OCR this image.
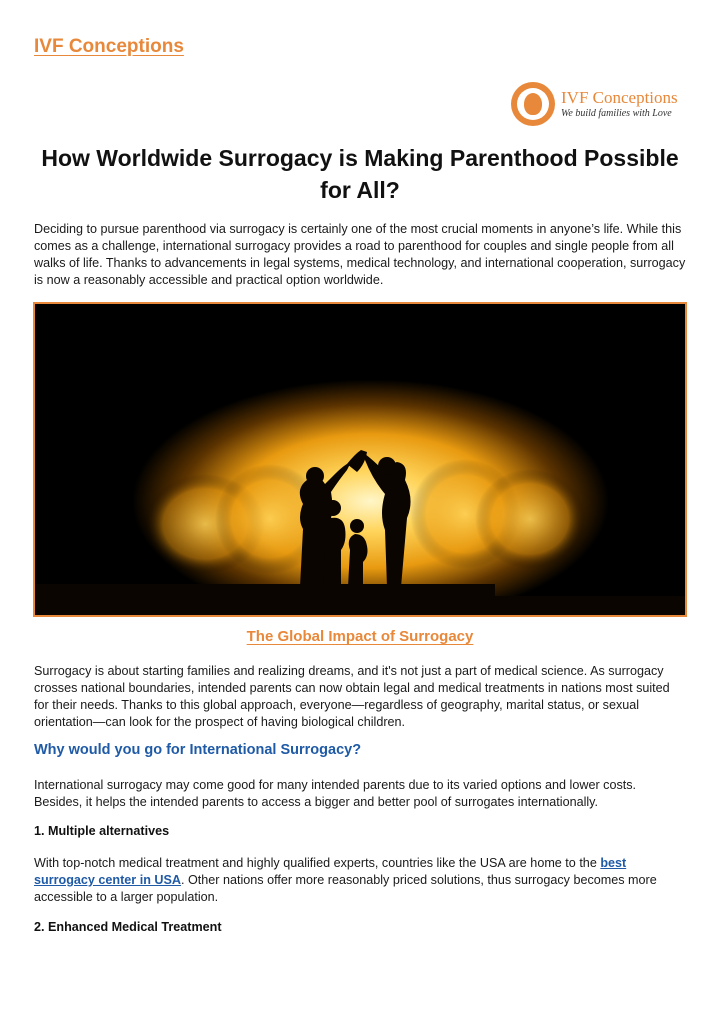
IVF Conceptions
IVF Conceptions
We build families with Love
How Worldwide Surrogacy is Making Parenthood Possible for All?

Deciding to pursue parenthood via surrogacy is certainly one of the most crucial moments in anyone’s life. While this comes as a challenge, international surrogacy provides a road to parenthood for couples and single people from all walks of life. Thanks to advancements in legal systems, medical technology, and international cooperation, surrogacy is now a reasonably accessible and practical option worldwide.

The Global Impact of Surrogacy

Surrogacy is about starting families and realizing dreams, and it's not just a part of medical science. As surrogacy crosses national boundaries, intended parents can now obtain legal and medical treatments in nations most suited for their needs. Thanks to this global approach, everyone—regardless of geography, marital status, or sexual orientation—can look for the prospect of having biological children.

Why would you go for International Surrogacy?

International surrogacy may come good for many intended parents due to its varied options and lower costs. Besides, it helps the intended parents to access a bigger and better pool of surrogates internationally.

1. Multiple alternatives

With top-notch medical treatment and highly qualified experts, countries like the USA are home to the best surrogacy center in USA. Other nations offer more reasonably priced solutions, thus surrogacy becomes more accessible to a larger population.

2. Enhanced Medical Treatment
